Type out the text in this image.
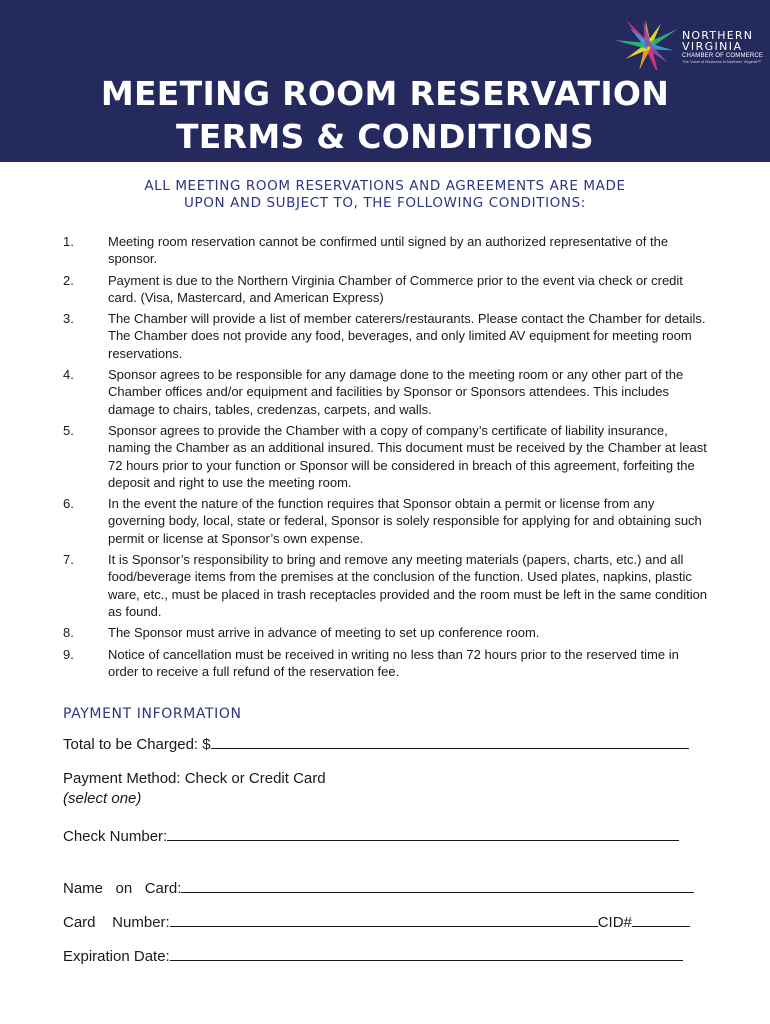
NORTHERN
VIRGINIA
CHAMBER OF COMMERCE
The Voice of Business in Northern Virginia™
MEETING ROOM RESERVATION
TERMS & CONDITIONS
ALL MEETING ROOM RESERVATIONS AND AGREEMENTS ARE MADE
UPON AND SUBJECT TO, THE FOLLOWING CONDITIONS:
1.	Meeting room reservation cannot be confirmed until signed by an authorized representative of the sponsor.
2.	Payment is due to the Northern Virginia Chamber of Commerce prior to the event via check or credit card. (Visa, Mastercard, and American Express)
3.	The Chamber will provide a list of member caterers/restaurants. Please contact the Chamber for details. The Chamber does not provide any food, beverages, and only limited AV equipment for meeting room reservations.
4.	Sponsor agrees to be responsible for any damage done to the meeting room or any other part of the Chamber offices and/or equipment and facilities by Sponsor or Sponsors attendees. This includes damage to chairs, tables, credenzas, carpets, and walls.
5.	Sponsor agrees to provide the Chamber with a copy of company’s certificate of liability insurance, naming the Chamber as an additional insured. This document must be received by the Chamber at least 72 hours prior to your function or Sponsor will be considered in breach of this agreement, forfeiting the deposit and right to use the meeting room.
6.	In the event the nature of the function requires that Sponsor obtain a permit or license from any governing body, local, state or federal, Sponsor is solely responsible for applying for and obtaining such permit or license at Sponsor’s own expense.
7.	It is Sponsor’s responsibility to bring and remove any meeting materials (papers, charts, etc.) and all food/beverage items from the premises at the conclusion of the function. Used plates, napkins, plastic ware, etc., must be placed in trash receptacles provided and the room must be left in the same condition as found.
8.	The Sponsor must arrive in advance of meeting to set up conference room.
9.	Notice of cancellation must be received in writing no less than 72 hours prior to the reserved time in order to receive a full refund of the reservation fee.
PAYMENT INFORMATION
Total to be Charged: $
Payment Method: Check or Credit Card
(select one)
Check Number:
Name   on   Card:
Card    Number:	CID#
Expiration Date:
